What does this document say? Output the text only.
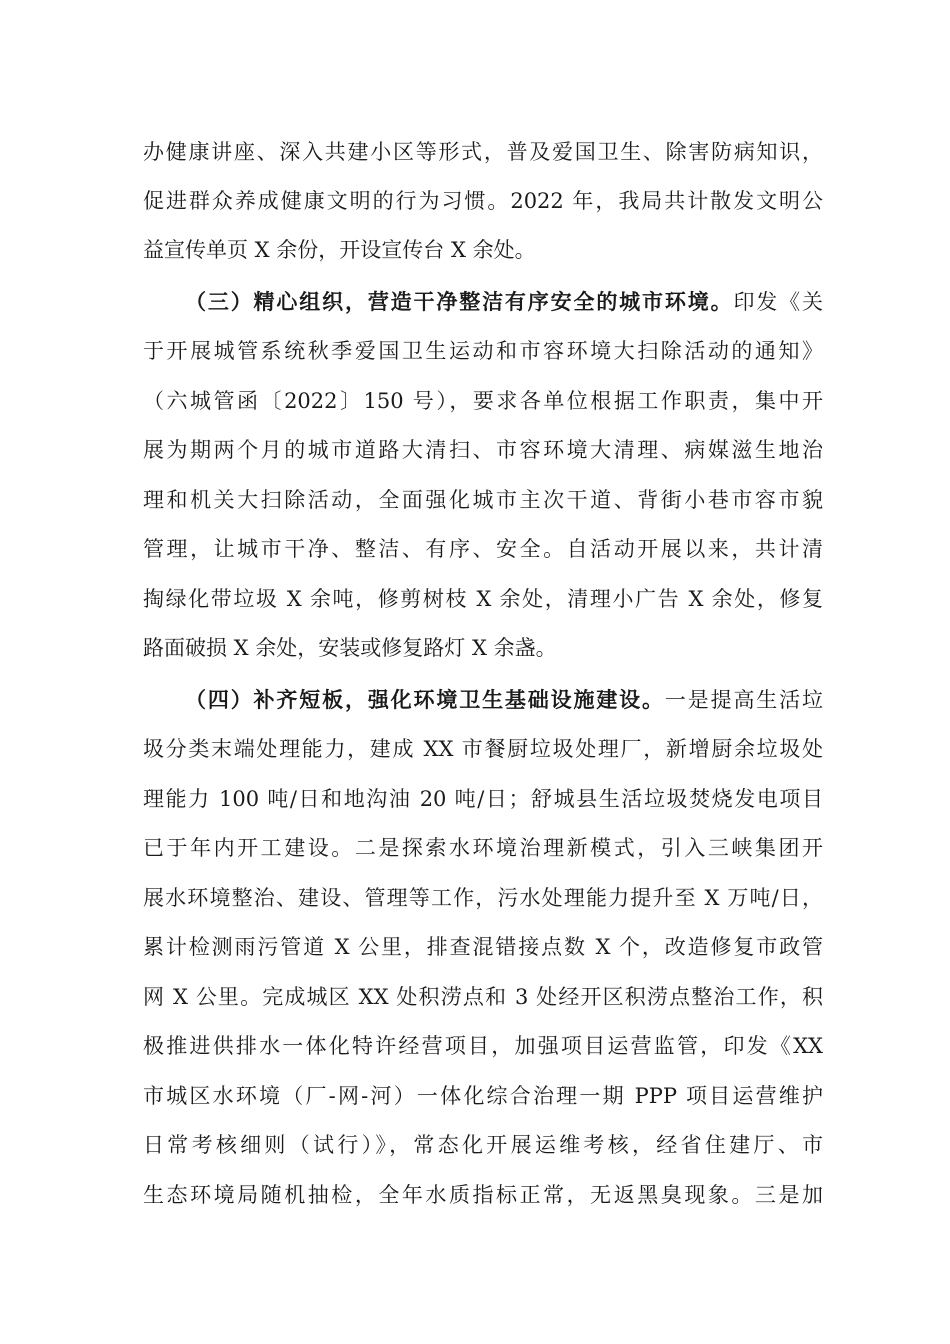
办健康讲座、深入共建小区等形式，普及爱国卫生、除害防病知识，
促进群众养成健康文明的行为习惯。2022 年，我局共计散发文明公
益宣传单页 X 余份，开设宣传台 X 余处。
（三）精心组织，营造干净整洁有序安全的城市环境。印发《关
于开展城管系统秋季爱国卫生运动和市容环境大扫除活动的通知》
（六城管函〔2022〕150 号），要求各单位根据工作职责，集中开
展为期两个月的城市道路大清扫、市容环境大清理、病媒滋生地治
理和机关大扫除活动，全面强化城市主次干道、背街小巷市容市貌
管理，让城市干净、整洁、有序、安全。自活动开展以来，共计清
掏绿化带垃圾 X 余吨，修剪树枝 X 余处，清理小广告 X 余处，修复
路面破损 X 余处，安装或修复路灯 X 余盏。
（四）补齐短板，强化环境卫生基础设施建设。一是提高生活垃
圾分类末端处理能力，建成 XX 市餐厨垃圾处理厂，新增厨余垃圾处
理能力 100 吨/日和地沟油 20 吨/日；舒城县生活垃圾焚烧发电项目
已于年内开工建设。二是探索水环境治理新模式，引入三峡集团开
展水环境整治、建设、管理等工作，污水处理能力提升至 X 万吨/日，
累计检测雨污管道 X 公里，排查混错接点数 X 个，改造修复市政管
网 X 公里。完成城区 XX 处积涝点和 3 处经开区积涝点整治工作，积
极推进供排水一体化特许经营项目，加强项目运营监管，印发《XX
市城区水环境（厂-网-河）一体化综合治理一期 PPP 项目运营维护
日常考核细则（试行）》，常态化开展运维考核，经省住建厅、市
生态环境局随机抽检，全年水质指标正常，无返黑臭现象。三是加
